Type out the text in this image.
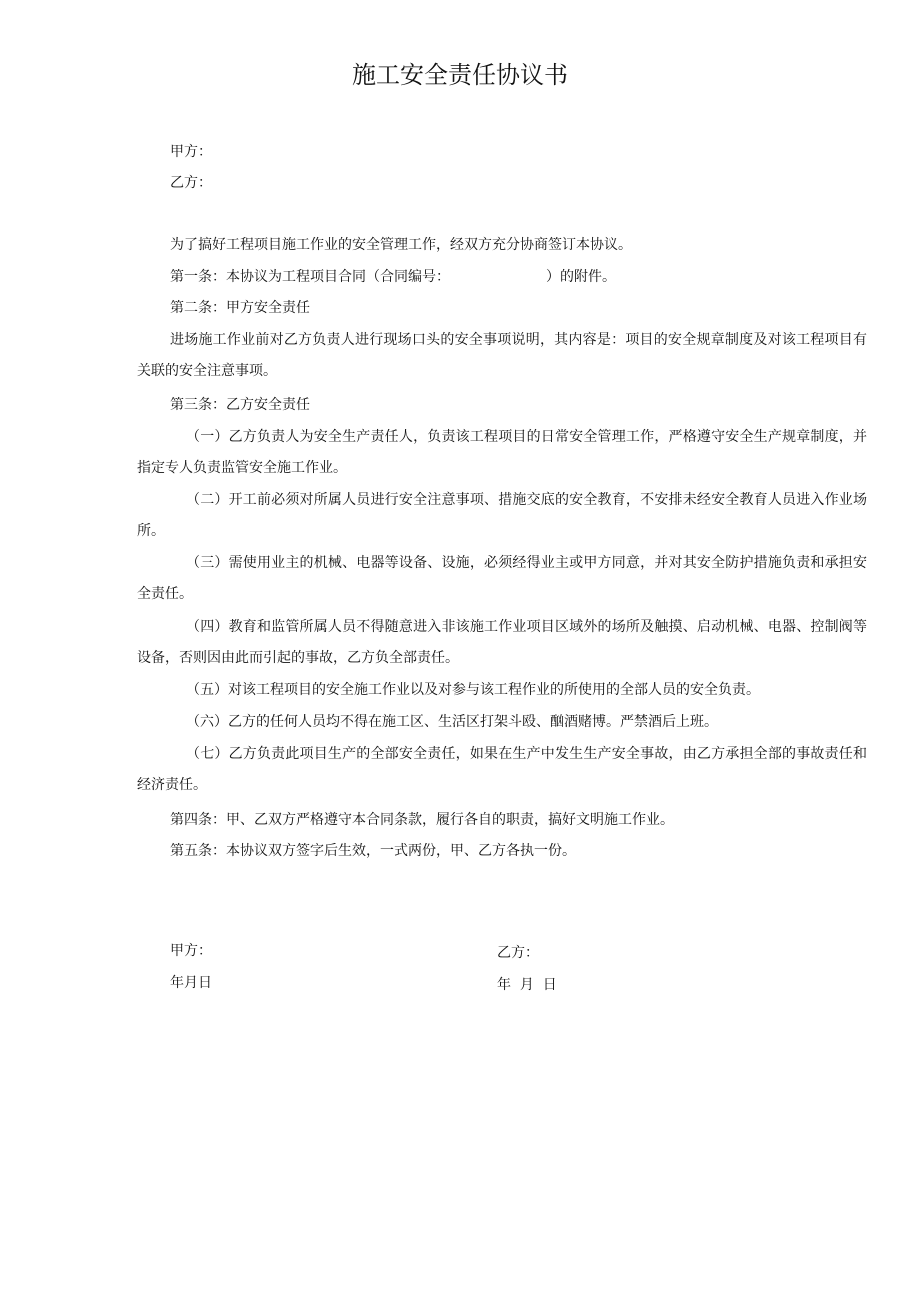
施工安全责任协议书
甲方：
乙方：
为了搞好工程项目施工作业的安全管理工作，经双方充分协商签订本协议。
第一条：本协议为工程项目合同（合同编号：	）的附件。
第二条：甲方安全责任
进场施工作业前对乙方负责人进行现场口头的安全事项说明，其内容是：项目的安全规章制度及对该工程项目有关联的安全注意事项。
第三条：乙方安全责任
（一）乙方负责人为安全生产责任人，负责该工程项目的日常安全管理工作，严格遵守安全生产规章制度，并指定专人负责监管安全施工作业。
（二）开工前必须对所属人员进行安全注意事项、措施交底的安全教育，不安排未经安全教育人员进入作业场所。
（三）需使用业主的机械、电器等设备、设施，必须经得业主或甲方同意，并对其安全防护措施负责和承担安全责任。
（四）教育和监管所属人员不得随意进入非该施工作业项目区域外的场所及触摸、启动机械、电器、控制阀等设备，否则因由此而引起的事故，乙方负全部责任。
（五）对该工程项目的安全施工作业以及对参与该工程作业的所使用的全部人员的安全负责。
（六）乙方的任何人员均不得在施工区、生活区打架斗殴、酗酒赌博。严禁酒后上班。
（七）乙方负责此项目生产的全部安全责任，如果在生产中发生生产安全事故，由乙方承担全部的事故责任和经济责任。
第四条：甲、乙双方严格遵守本合同条款，履行各自的职责，搞好文明施工作业。
第五条：本协议双方签字后生效，一式两份，甲、乙方各执一份。
甲方：
年月日
乙方：
年  月  日
